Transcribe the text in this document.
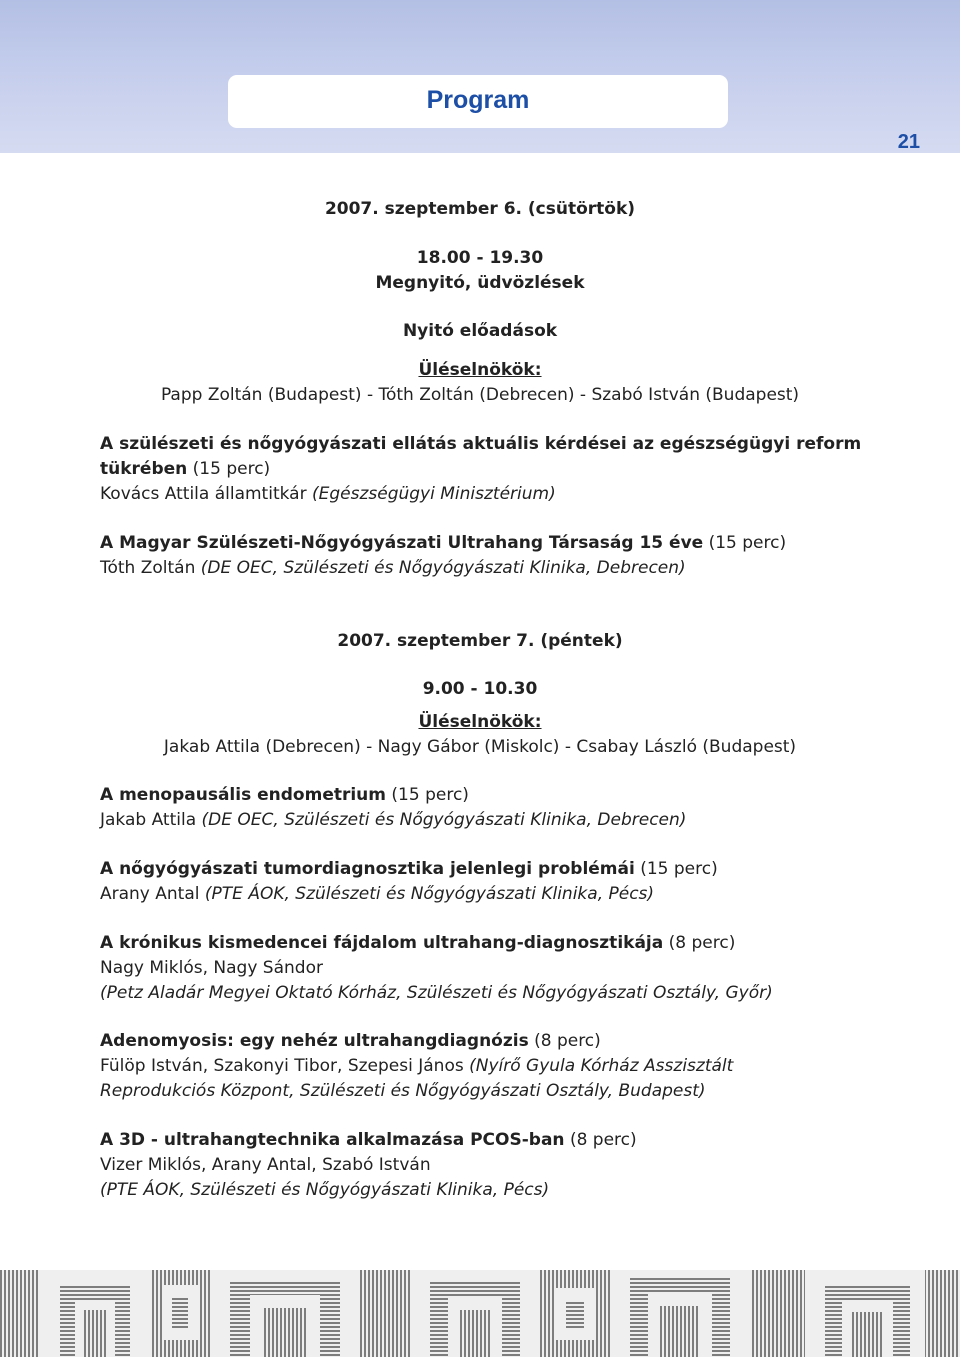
Program
21
2007. szeptember 6. (csütörtök)
18.00 - 19.30
Megnyitó, üdvözlések
Nyitó előadások
Üléselnökök:
Papp Zoltán (Budapest) - Tóth Zoltán (Debrecen) - Szabó István (Budapest)
A szülészeti és nőgyógyászati ellátás aktuális kérdései az egészségügyi reform
tükrében (15 perc)
Kovács Attila államtitkár (Egészségügyi Minisztérium)
A Magyar Szülészeti-Nőgyógyászati Ultrahang Társaság 15 éve (15 perc)
Tóth Zoltán (DE OEC, Szülészeti és Nőgyógyászati Klinika, Debrecen)
2007. szeptember 7. (péntek)
9.00 - 10.30
Üléselnökök:
Jakab Attila (Debrecen) - Nagy Gábor (Miskolc) - Csabay László (Budapest)
A menopausális endometrium (15 perc)
Jakab Attila (DE OEC, Szülészeti és Nőgyógyászati Klinika, Debrecen)
A nőgyógyászati tumordiagnosztika jelenlegi problémái (15 perc)
Arany Antal (PTE ÁOK, Szülészeti és Nőgyógyászati Klinika, Pécs)
A krónikus kismedencei fájdalom ultrahang-diagnosztikája (8 perc)
Nagy Miklós, Nagy Sándor
(Petz Aladár Megyei Oktató Kórház, Szülészeti és Nőgyógyászati Osztály, Győr)
Adenomyosis: egy nehéz ultrahangdiagnózis (8 perc)
Fülöp István, Szakonyi Tibor, Szepesi János (Nyírő Gyula Kórház Asszisztált
Reprodukciós Központ, Szülészeti és Nőgyógyászati Osztály, Budapest)
A 3D - ultrahangtechnika alkalmazása PCOS-ban (8 perc)
Vizer Miklós, Arany Antal, Szabó István
(PTE ÁOK, Szülészeti és Nőgyógyászati Klinika, Pécs)
